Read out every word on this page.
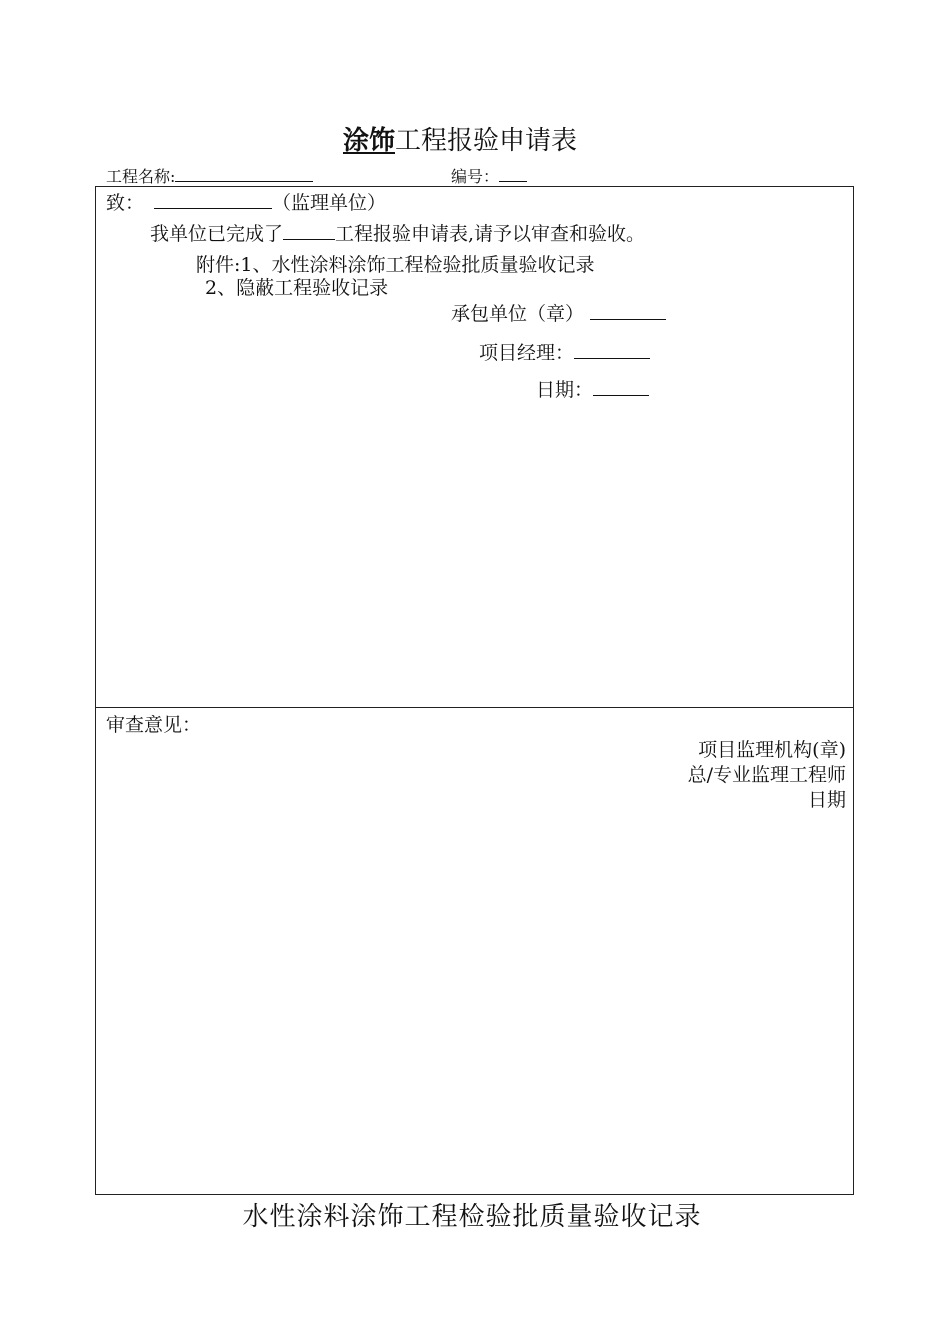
涂饰工程报验申请表
工程名称:	编号：
致：	（监理单位）
我单位已完成了	工程报验申请表,请予以审查和验收。
附件:1、水性涂料涂饰工程检验批质量验收记录
2、隐蔽工程验收记录
承包单位（章）
项目经理：
日期：
审查意见：
项目监理机构(章)
总/专业监理工程师
日期
水性涂料涂饰工程检验批质量验收记录
